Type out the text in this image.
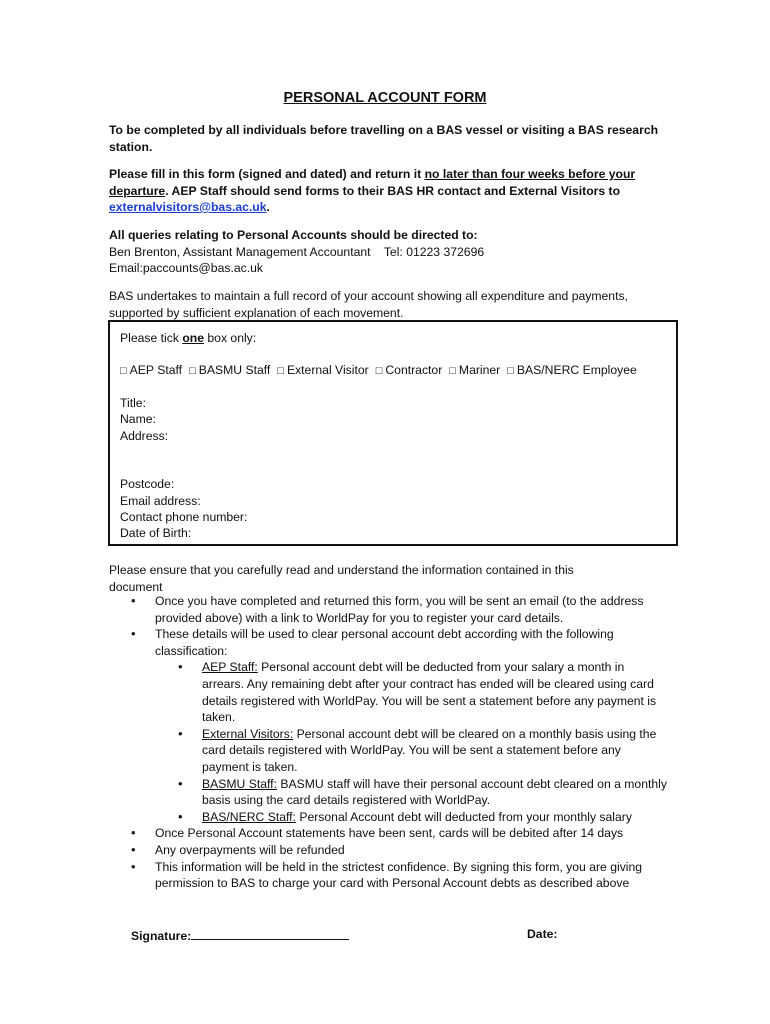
PERSONAL ACCOUNT FORM
To be completed by all individuals before travelling on a BAS vessel or visiting a BAS research station.
Please fill in this form (signed and dated) and return it no later than four weeks before your departure. AEP Staff should send forms to their BAS HR contact and External Visitors to externalvisitors@bas.ac.uk.
All queries relating to Personal Accounts should be directed to:
Ben Brenton, Assistant Management Accountant    Tel: 01223 372696
Email:paccounts@bas.ac.uk
BAS undertakes to maintain a full record of your account showing all expenditure and payments, supported by sufficient explanation of each movement.
Please tick one box only:
□ AEP Staff □ BASMU Staff □ External Visitor □ Contractor □ Mariner □ BAS/NERC Employee
Title:
Name:
Address:
Postcode:
Email address:
Contact phone number:
Date of Birth:
Please ensure that you carefully read and understand the information contained in this document
• Once you have completed and returned this form, you will be sent an email (to the address provided above) with a link to WorldPay for you to register your card details.
• These details will be used to clear personal account debt according with the following classification:
• AEP Staff: Personal account debt will be deducted from your salary a month in arrears. Any remaining debt after your contract has ended will be cleared using card details registered with WorldPay. You will be sent a statement before any payment is taken.
• External Visitors: Personal account debt will be cleared on a monthly basis using the card details registered with WorldPay. You will be sent a statement before any payment is taken.
• BASMU Staff: BASMU staff will have their personal account debt cleared on a monthly basis using the card details registered with WorldPay.
• BAS/NERC Staff: Personal Account debt will deducted from your monthly salary
• Once Personal Account statements have been sent, cards will be debited after 14 days
• Any overpayments will be refunded
• This information will be held in the strictest confidence. By signing this form, you are giving permission to BAS to charge your card with Personal Account debts as described above
Signature:	Date:
